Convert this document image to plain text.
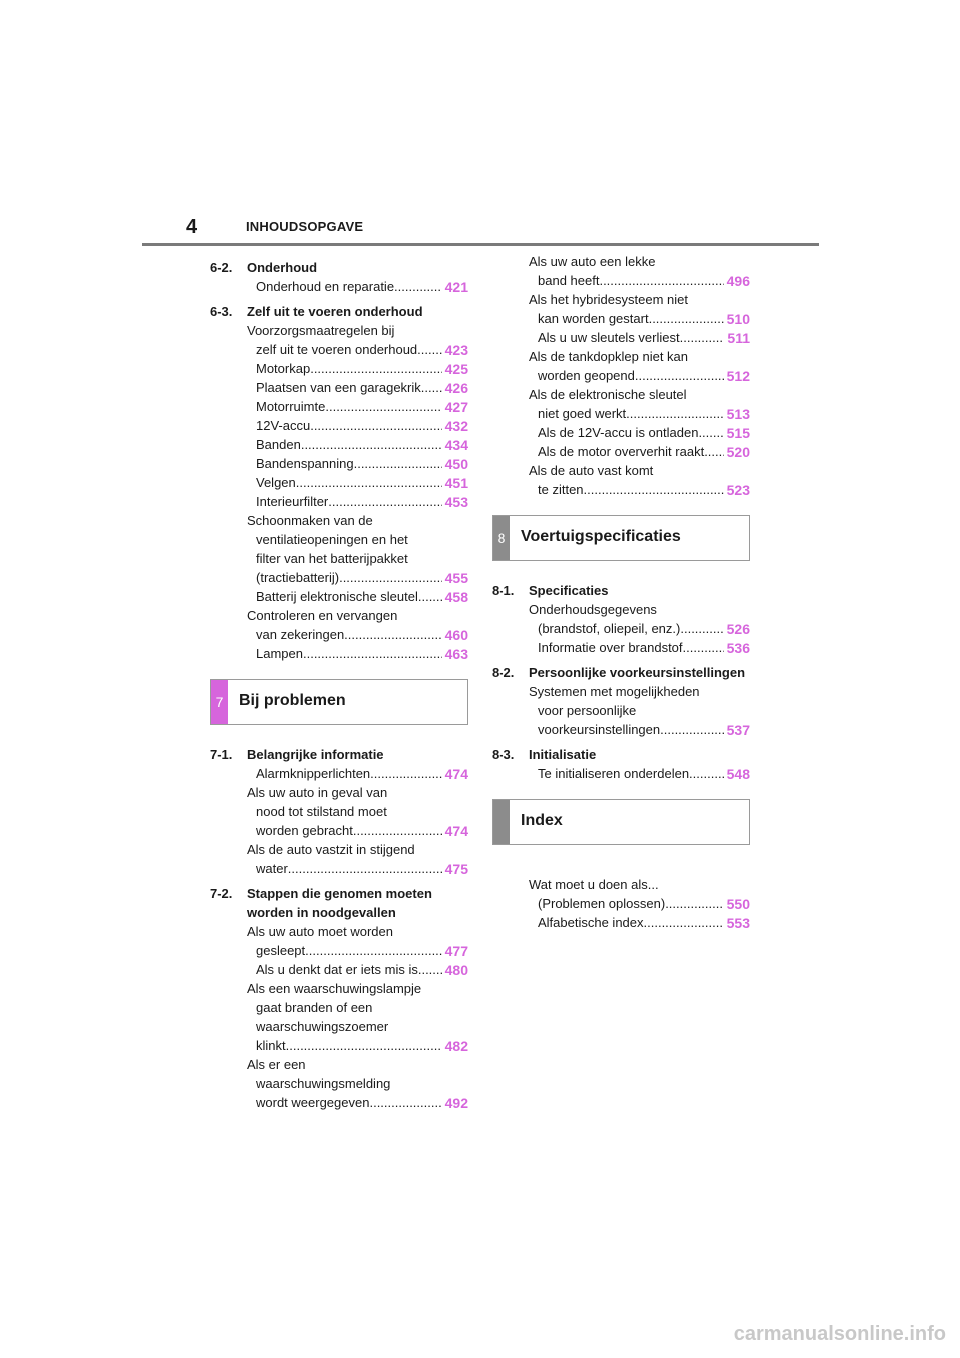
4	INHOUDSOPGAVE
6-2.	Onderhoud
Onderhoud en reparatie .....	421
6-3.	Zelf uit te voeren onderhoud
Voorzorgsmaatregelen bij
zelf uit te voeren onderhoud ..... 423
Motorkap .....	425
Plaatsen van een garagekrik ..... 426
Motorruimte .....	427
12V-accu .....	432
Banden .....	434
Bandenspanning .....	450
Velgen .....	451
Interieurfilter .....	453
Schoonmaken van de
ventilatieopeningen en het
filter van het batterijpakket
(tractiebatterij) .....	455
Batterij elektronische sleutel ..... 458
Controleren en vervangen
van zekeringen .....	460
Lampen .....	463
7 Bij problemen
7-1.	Belangrijke informatie
Alarmknipperlichten .....	474
Als uw auto in geval van
nood tot stilstand moet
worden gebracht .....	474
Als de auto vastzit in stijgend
water .....	475
7-2.	Stappen die genomen moeten worden in noodgevallen
Als uw auto moet worden
gesleept .....	477
Als u denkt dat er iets mis is ..... 480
Als een waarschuwingslampje
gaat branden of een
waarschuwingszoemer
klinkt .....	482
Als er een
waarschuwingsmelding
wordt weergegeven .....	492
Als uw auto een lekke
band heeft .....	496
Als het hybridesysteem niet
kan worden gestart .....	510
Als u uw sleutels verliest .....	511
Als de tankdopklep niet kan
worden geopend .....	512
Als de elektronische sleutel
niet goed werkt .....	513
Als de 12V-accu is ontladen ..... 515
Als de motor oververhit raakt ..... 520
Als de auto vast komt
te zitten .....	523
8 Voertuigspecificaties
8-1.	Specificaties
Onderhoudsgegevens
(brandstof, oliepeil, enz.) .....	526
Informatie over brandstof .....	536
8-2.	Persoonlijke voorkeursinstellingen
Systemen met mogelijkheden
voor persoonlijke
voorkeursinstellingen .....	537
8-3.	Initialisatie
Te initialiseren onderdelen .....	548
Index
Wat moet u doen als...
(Problemen oplossen) .....	550
Alfabetische index .....	553
carmanualsonline.info
